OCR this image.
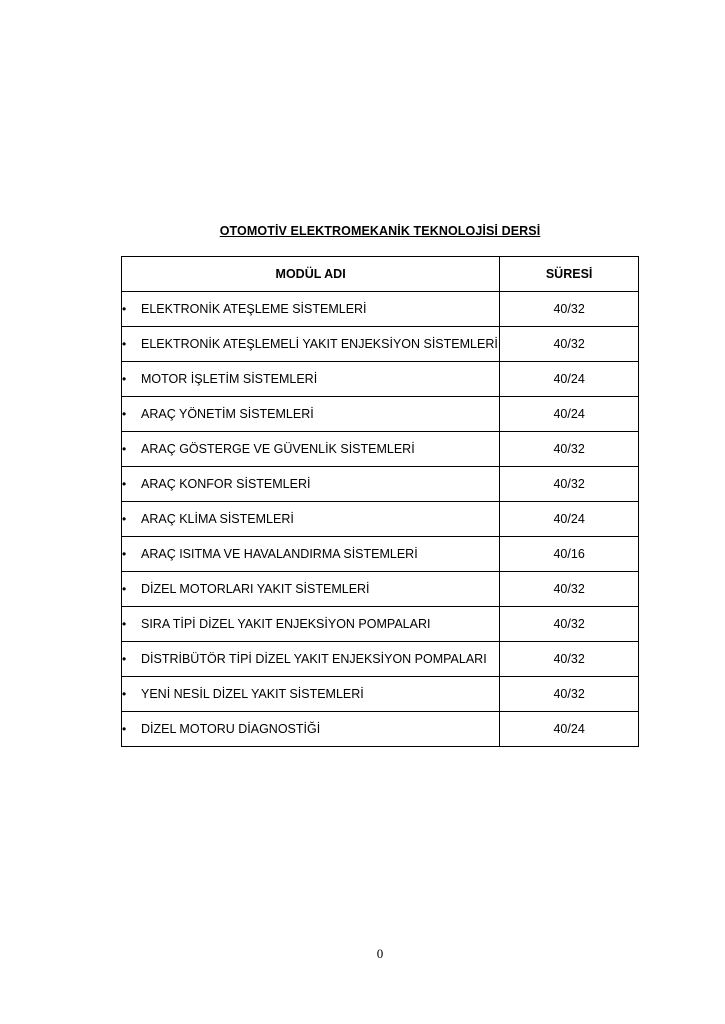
OTOMOTİV ELEKTROMEKANİK TEKNOLOJİSİ DERSİ
MODÜL ADI	SÜRESİ

• ELEKTRONİK ATEŞLEME SİSTEMLERİ	40/32

• ELEKTRONİK ATEŞLEMELİ YAKIT ENJEKSİYON SİSTEMLERİ	40/32

• MOTOR İŞLETİM SİSTEMLERİ	40/24

• ARAÇ YÖNETİM SİSTEMLERİ	40/24

• ARAÇ GÖSTERGE VE GÜVENLİK SİSTEMLERİ	40/32

• ARAÇ KONFOR SİSTEMLERİ	40/32

• ARAÇ KLİMA SİSTEMLERİ	40/24

• ARAÇ ISITMA VE HAVALANDIRMA SİSTEMLERİ	40/16

• DİZEL MOTORLARI YAKIT SİSTEMLERİ	40/32

• SIRA TİPİ DİZEL YAKIT ENJEKSİYON POMPALARI	40/32

• DİSTRİBÜTÖR TİPİ DİZEL YAKIT ENJEKSİYON POMPALARI	40/32

• YENİ NESİL DİZEL YAKIT SİSTEMLERİ	40/32

• DİZEL MOTORU DİAGNOSTİĞİ	40/24
0
